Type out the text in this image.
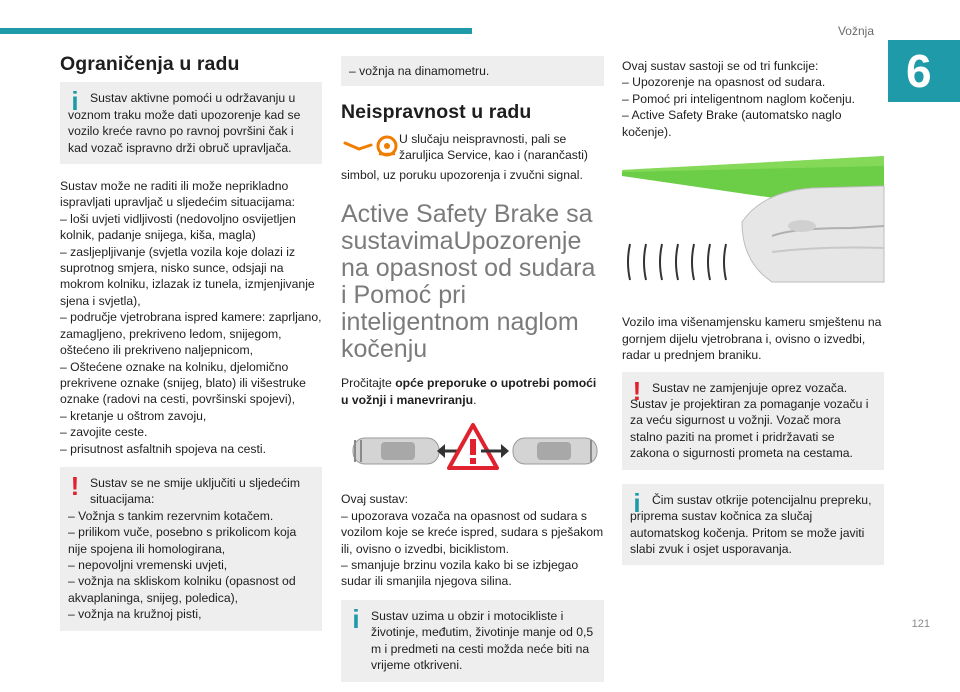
Vožnja
6
Ograničenja u radu
i Sustav aktivne pomoći u održavanju u
voznom traku može dati upozorenje kad se vozilo kreće ravno po ravnoj površini čak i kad vozač ispravno drži obruč upravljača.
Sustav može ne raditi ili može neprikladno ispravljati upravljač u sljedećim situacijama:
– loši uvjeti vidljivosti (nedovoljno osvijetljen kolnik, padanje snijega, kiša, magla)
– zasljepljivanje (svjetla vozila koje dolazi iz suprotnog smjera, nisko sunce, odsjaji na mokrom kolniku, izlazak iz tunela, izmjenjivanje sjena i svjetla),
– područje vjetrobrana ispred kamere: zaprljano, zamagljeno, prekriveno ledom, snijegom, oštećeno ili prekriveno naljepnicom,
– Oštećene oznake na kolniku, djelomično prekrivene oznake (snijeg, blato) ili višestruke oznake (radovi na cesti, površinski spojevi),
– kretanje u oštrom zavoju,
– zavojite ceste.
– prisutnost asfaltnih spojeva na cesti.
! Sustav se ne smije uključiti u sljedećim
situacijama:
– Vožnja s tankim rezervnim kotačem.
– prilikom vuče, posebno s prikolicom koja nije spojena ili homologirana,
– nepovoljni vremenski uvjeti,
– vožnja na skliskom kolniku (opasnost od akvaplaninga, snijeg, poledica),
– vožnja na kružnoj pisti,
– vožnja na dinamometru.
Neispravnost u radu
U slučaju neispravnosti, pali se
žaruljica Service, kao i (narančasti)

simbol, uz poruku upozorenja i zvučni signal.

Active Safety Brake sa sustavimaUpozorenje na opasnost od sudara i Pomoć pri inteligentnom naglom kočenju

Pročitajte opće preporuke o upotrebi pomoći u vožnji i manevriranju.

Ovaj sustav:

– upozorava vozača na opasnost od sudara s vozilom koje se kreće ispred, sudara s pješakom ili, ovisno o izvedbi, biciklistom.
– smanjuje brzinu vozila kako bi se izbjegao sudar ili smanjila njegova silina.
i Sustav uzima u obzir i motocikliste i
životinje, međutim, životinje manje od 0,5 m i predmeti na cesti možda neće biti na vrijeme otkriveni.
Ovaj sustav sastoji se od tri funkcije:
– Upozorenje na opasnost od sudara.
– Pomoć pri inteligentnom naglom kočenju.
– Active Safety Brake (automatsko naglo kočenje).

Vozilo ima višenamjensku kameru smještenu na gornjem dijelu vjetrobrana i, ovisno o izvedbi, radar u prednjem braniku.

! Sustav ne zamjenjuje oprez vozača.
Sustav je projektiran za pomaganje vozaču i za veću sigurnost u vožnji. Vozač mora stalno paziti na promet i pridržavati se zakona o sigurnosti prometa na cestama.
i Čim sustav otkrije potencijalnu prepreku,
priprema sustav kočnica za slučaj automatskog kočenja. Pritom se može javiti slabi zvuk i osjet usporavanja.
121
